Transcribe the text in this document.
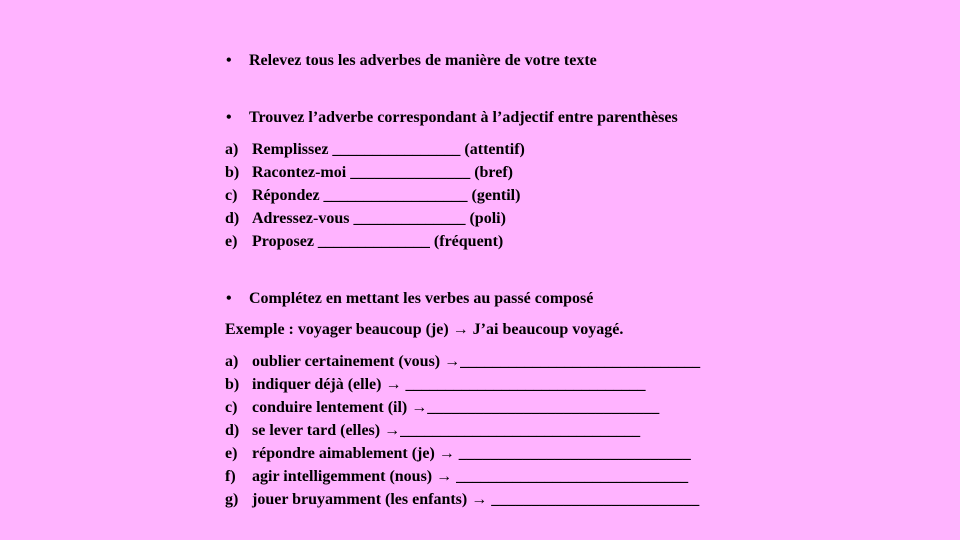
• Relevez tous les adverbes de manière de votre texte
• Trouvez l’adverbe correspondant à l’adjectif entre parenthèses
a) Remplissez ________________ (attentif)
b) Racontez-moi _______________ (bref)
c) Répondez __________________ (gentil)
d) Adressez-vous ______________ (poli)
e) Proposez ______________ (fréquent)
• Complétez en mettant les verbes au passé composé
Exemple : voyager beaucoup (je) → J’ai beaucoup voyagé.
a) oublier certainement (vous) →______________________________
b) indiquer déjà (elle) → ______________________________
c) conduire lentement (il) →_____________________________
d) se lever tard (elles) →______________________________
e) répondre aimablement (je) → _____________________________
f) agir intelligemment (nous) → _____________________________
g) jouer bruyamment (les enfants) → __________________________
